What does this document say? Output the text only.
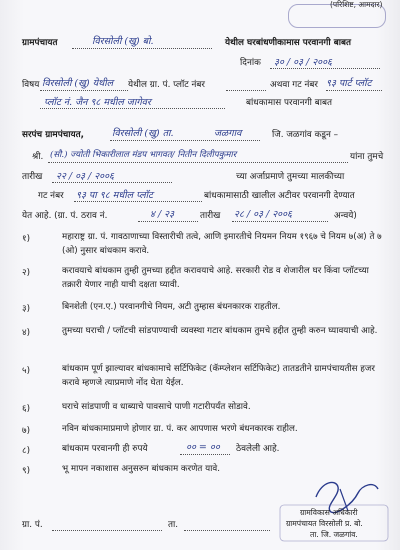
(परिशिष्ट, आमदार)
ग्रामपंचायत	विरसोली (खु) बो.	येथील घरबांधणीकामास परवानगी बाबत
दिनांक ३० / ०३ / २००६
विषय विरसोली (खु) येथील येथील ग्रा. पं. प्लॉट नंबर	अथवा गट नंबर ९३ पार्ट प्लॉट
प्लॉट नं. जैन ९८ मधील जागेवर	बांधकामास परवानगी बाबत
सरपंच ग्रामपंचायत,	विरसोली (खु) ता.	जळगाव	जि. जळगांव कडून –
श्री. (सौ.) ज्योती भिकारीलाल मंडप भागवत/ नितीन दिलीपकुमार	यांना तुमचे
तारीख २२ / ०३ / २००६	च्या अर्जाप्रमाणे तुमच्या मालकीच्या
गट नंबर ९३ पा ९८ मधील प्लॉट	बांधकामासाठी खालील अटीवर परवानगी देण्यात
येत आहे. (ग्रा. पं. ठराव नं.	४ / २३	तारीख २८ / ०३ / २००६	अन्वये)
१)	महाराष्ट्र ग्रा. पं. गावठाणाच्या विस्तारीची तत्वे, आणि इमारतीचे नियमन नियम १९६७ चे नियम ७(अ) ते ७ (ओ) नुसार बांधकाम करावे.
२)	करावयाचे बांधकाम तुम्ही तुमच्या हद्दीत करावयाचे आहे. सरकारी रोड व शेजारील घर किंवा प्लॉटच्या तक्रारी येणार नाही याची दक्षता घ्यावी.
३)	बिनशेती (एन.ए.) परवानगीचे नियम, अटी तुम्हास बंधनकारक राहतील.
४)	तुमच्या घराची / प्लॉटची सांडपाण्याची व्यवस्था गटार बांधकाम तुमचे हद्दीत तुम्ही करुन घ्यावयाची आहे.
५)	बांधकाम पूर्ण झाल्यावर बांधकामाचे सर्टिफिकेट (कॅम्प्लेशन सर्टिफिकेट) तातडतीने ग्रामपंचायतीस हजर करावे म्हणजे त्याप्रमाणे नोंद घेता येईल.
६)	घराचे सांडपाणी व धाब्याचे पावसाचे पाणी गटारीपर्यंत सोडावे.
७)	नविन बांधकामाप्रमाणे होणार ग्रा. पं. कर आपणास भरणे बंधनकारक राहील.
८)	बांधकाम परवानगी ही रुपये	०० = ०० ठेवलेली आहे.
९)	भू मापन नकाशास अनुसरुन बांधकाम करणेत यावे.
ग्रामविकास अधिकारी
ग्रामपंचायत विरसोली प्र. बो.
ता. जि. जळगांव.
ग्रा. पं.	ता.
